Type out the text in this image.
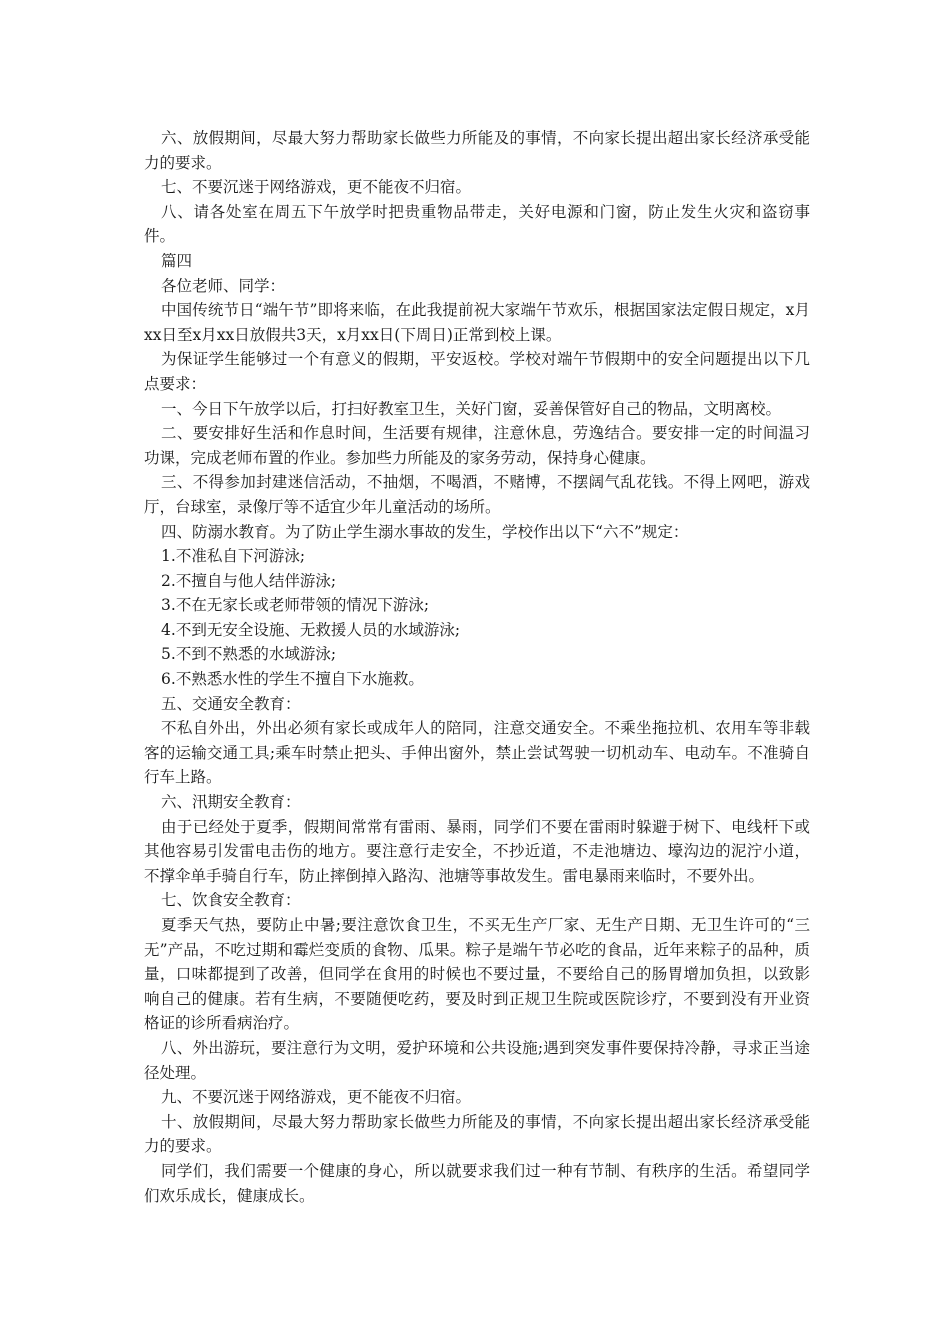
六、放假期间，尽最大努力帮助家长做些力所能及的事情，不向家长提出超出家长经济承受能力的要求。

七、不要沉迷于网络游戏，更不能夜不归宿。

八、请各处室在周五下午放学时把贵重物品带走，关好电源和门窗，防止发生火灾和盗窃事件。

篇四

各位老师、同学：

中国传统节日“端午节”即将来临，在此我提前祝大家端午节欢乐，根据国家法定假日规定，x月xx日至x月xx日放假共3天，x月xx日(下周日)正常到校上课。

为保证学生能够过一个有意义的假期，平安返校。学校对端午节假期中的安全问题提出以下几点要求：

一、今日下午放学以后，打扫好教室卫生，关好门窗，妥善保管好自己的物品，文明离校。

二、要安排好生活和作息时间，生活要有规律，注意休息，劳逸结合。要安排一定的时间温习功课，完成老师布置的作业。参加些力所能及的家务劳动，保持身心健康。

三、不得参加封建迷信活动，不抽烟，不喝酒，不赌博，不摆阔气乱花钱。不得上网吧，游戏厅，台球室，录像厅等不适宜少年儿童活动的场所。

四、防溺水教育。为了防止学生溺水事故的发生，学校作出以下“六不”规定：

1.不准私自下河游泳;

2.不擅自与他人结伴游泳;

3.不在无家长或老师带领的情况下游泳;

4.不到无安全设施、无救援人员的水域游泳;

5.不到不熟悉的水域游泳;

6.不熟悉水性的学生不擅自下水施救。

五、交通安全教育：

不私自外出，外出必须有家长或成年人的陪同，注意交通安全。不乘坐拖拉机、农用车等非载客的运输交通工具;乘车时禁止把头、手伸出窗外，禁止尝试驾驶一切机动车、电动车。不准骑自行车上路。

六、汛期安全教育：

由于已经处于夏季，假期间常常有雷雨、暴雨，同学们不要在雷雨时躲避于树下、电线杆下或其他容易引发雷电击伤的地方。要注意行走安全，不抄近道，不走池塘边、壕沟边的泥泞小道，不撑伞单手骑自行车，防止摔倒掉入路沟、池塘等事故发生。雷电暴雨来临时，不要外出。

七、饮食安全教育：

夏季天气热，要防止中暑;要注意饮食卫生，不买无生产厂家、无生产日期、无卫生许可的“三无”产品，不吃过期和霉烂变质的食物、瓜果。粽子是端午节必吃的食品，近年来粽子的品种，质量，口味都提到了改善，但同学在食用的时候也不要过量，不要给自己的肠胃增加负担，以致影响自己的健康。若有生病，不要随便吃药，要及时到正规卫生院或医院诊疗，不要到没有开业资格证的诊所看病治疗。

八、外出游玩，要注意行为文明，爱护环境和公共设施;遇到突发事件要保持冷静，寻求正当途径处理。

九、不要沉迷于网络游戏，更不能夜不归宿。

十、放假期间，尽最大努力帮助家长做些力所能及的事情，不向家长提出超出家长经济承受能力的要求。

同学们，我们需要一个健康的身心，所以就要求我们过一种有节制、有秩序的生活。希望同学们欢乐成长，健康成长。
